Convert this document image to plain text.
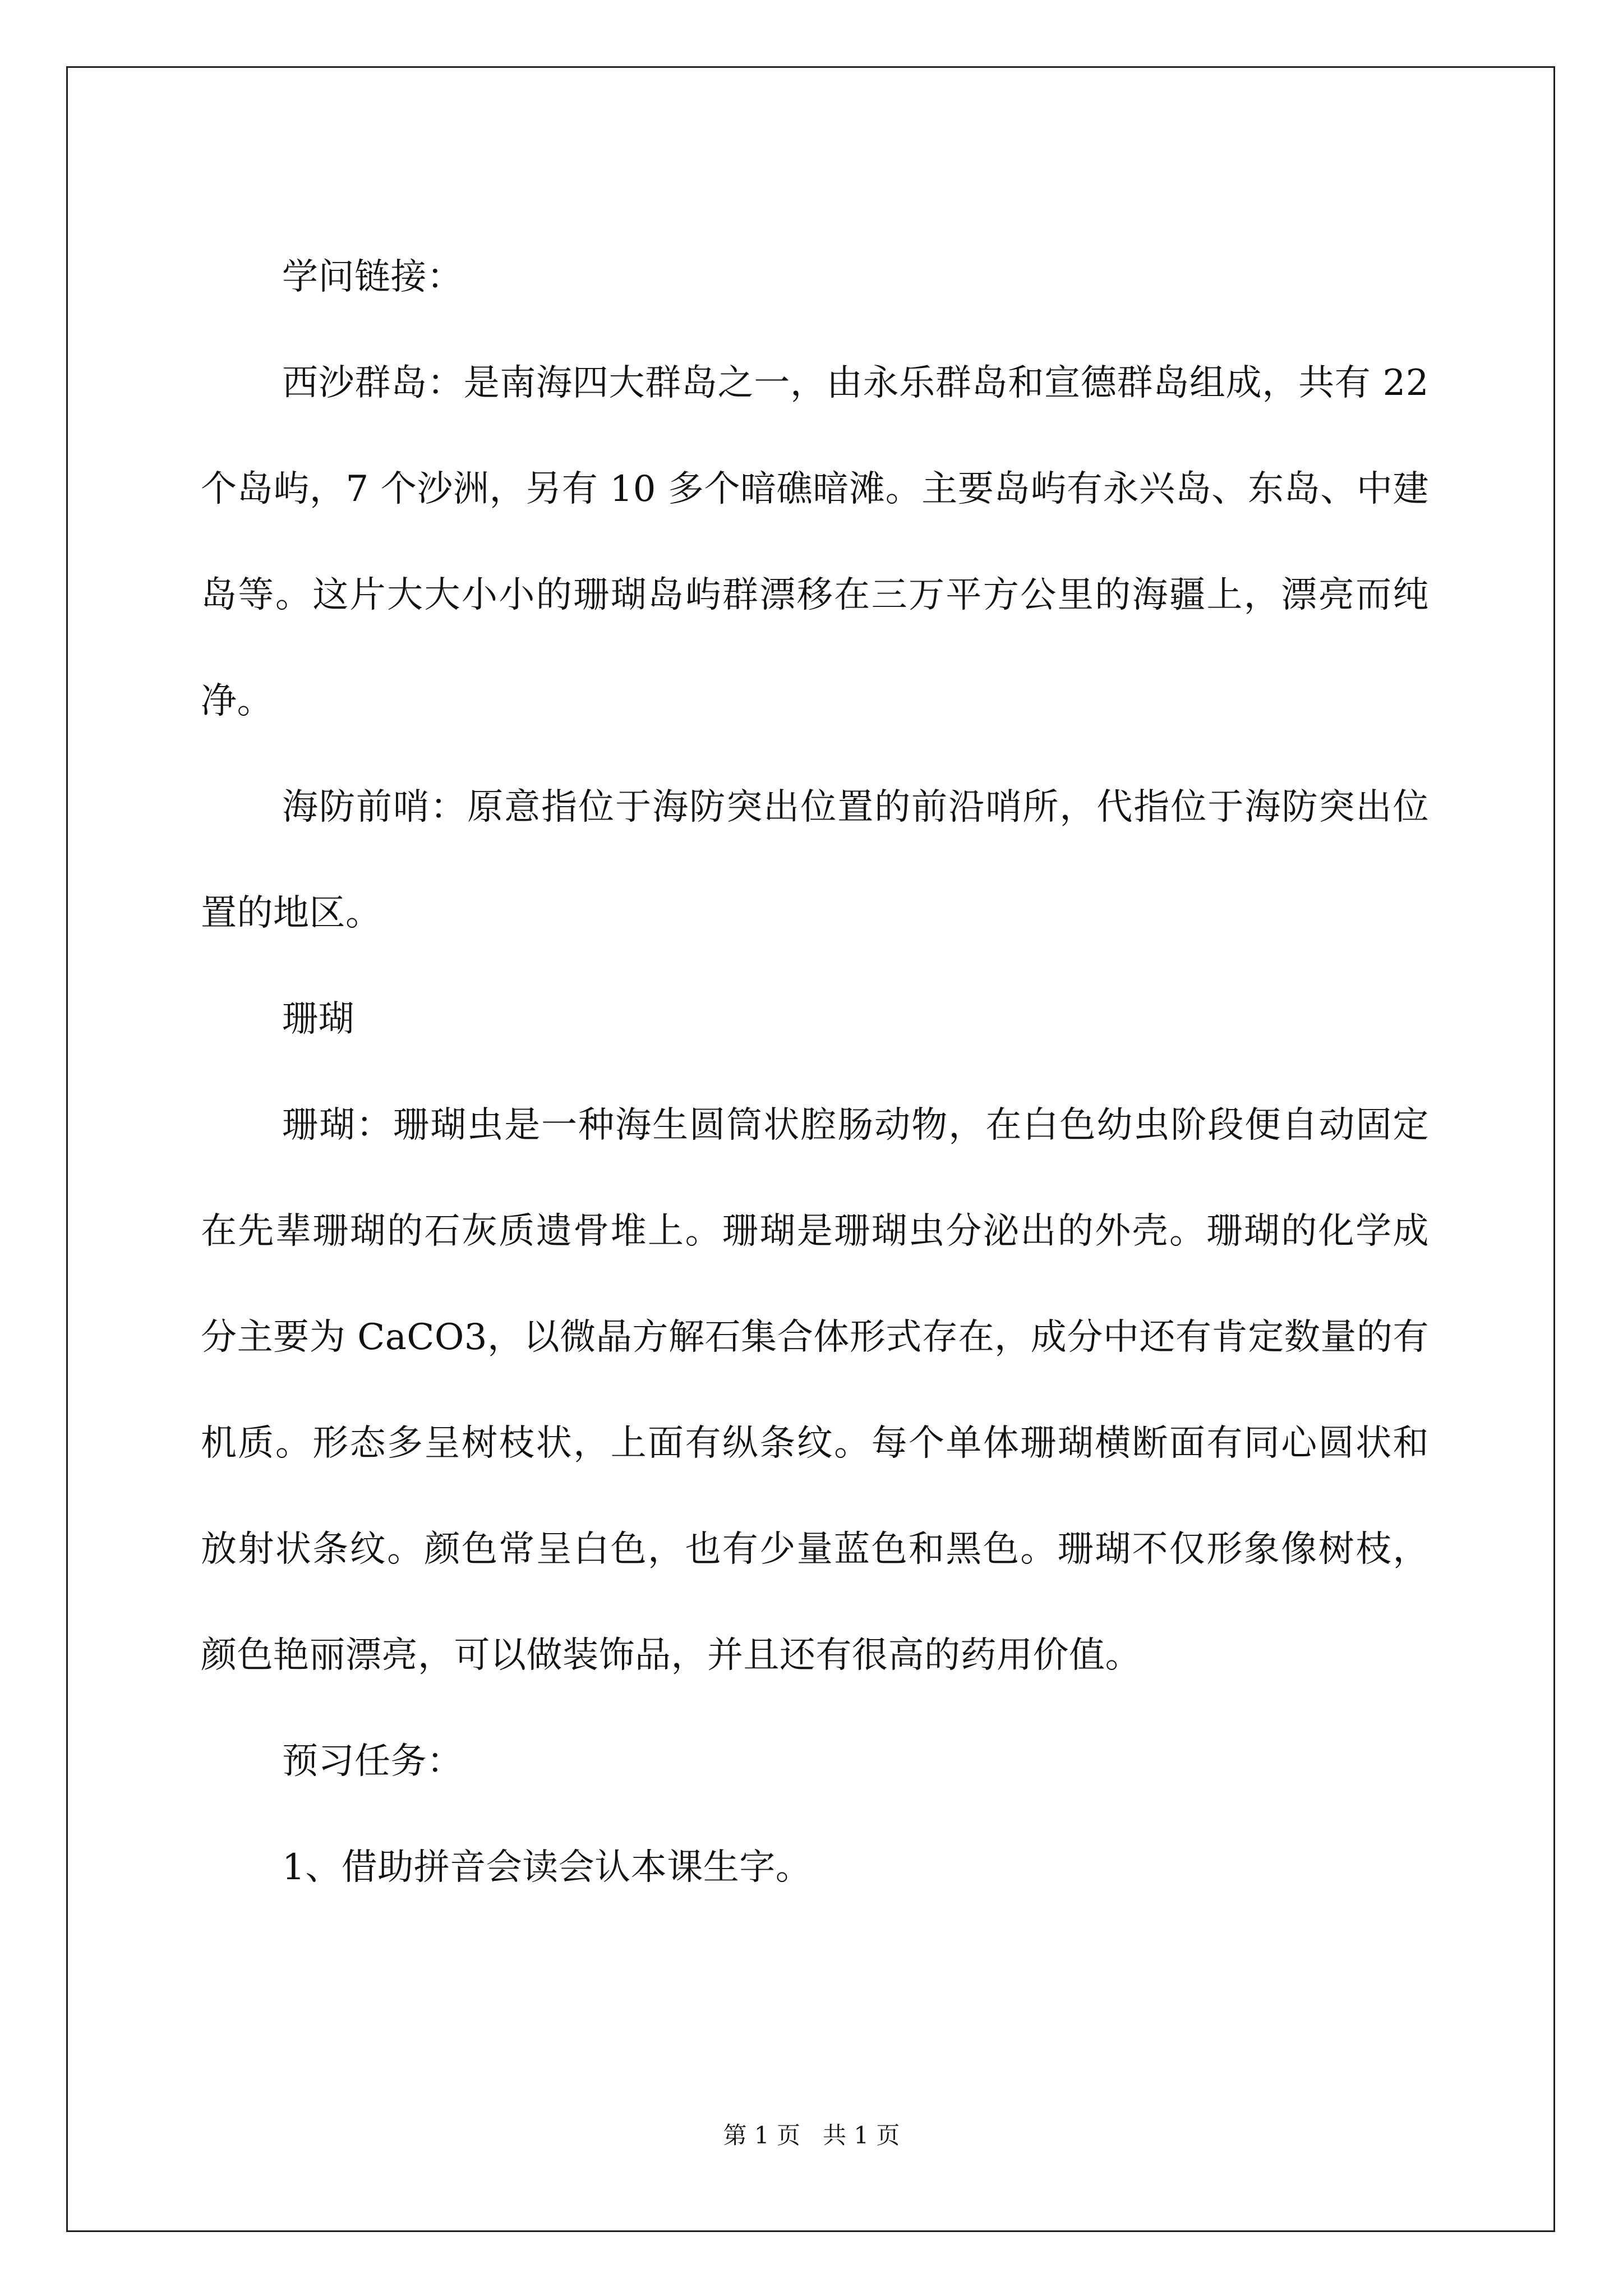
学问链接：

西沙群岛：是南海四大群岛之一，由永乐群岛和宣德群岛组成，共有 22 个岛屿，7 个沙洲，另有 10 多个暗礁暗滩。主要岛屿有永兴岛、东岛、中建岛等。这片大大小小的珊瑚岛屿群漂移在三万平方公里的海疆上，漂亮而纯净。

海防前哨：原意指位于海防突出位置的前沿哨所，代指位于海防突出位置的地区。

珊瑚

珊瑚：珊瑚虫是一种海生圆筒状腔肠动物，在白色幼虫阶段便自动固定在先辈珊瑚的石灰质遗骨堆上。珊瑚是珊瑚虫分泌出的外壳。珊瑚的化学成分主要为 CaCO3，以微晶方解石集合体形式存在，成分中还有肯定数量的有机质。形态多呈树枝状，上面有纵条纹。每个单体珊瑚横断面有同心圆状和放射状条纹。颜色常呈白色，也有少量蓝色和黑色。珊瑚不仅形象像树枝，颜色艳丽漂亮，可以做装饰品，并且还有很高的药用价值。

预习任务：

1、借助拼音会读会认本课生字。

第 1 页 共 1 页
